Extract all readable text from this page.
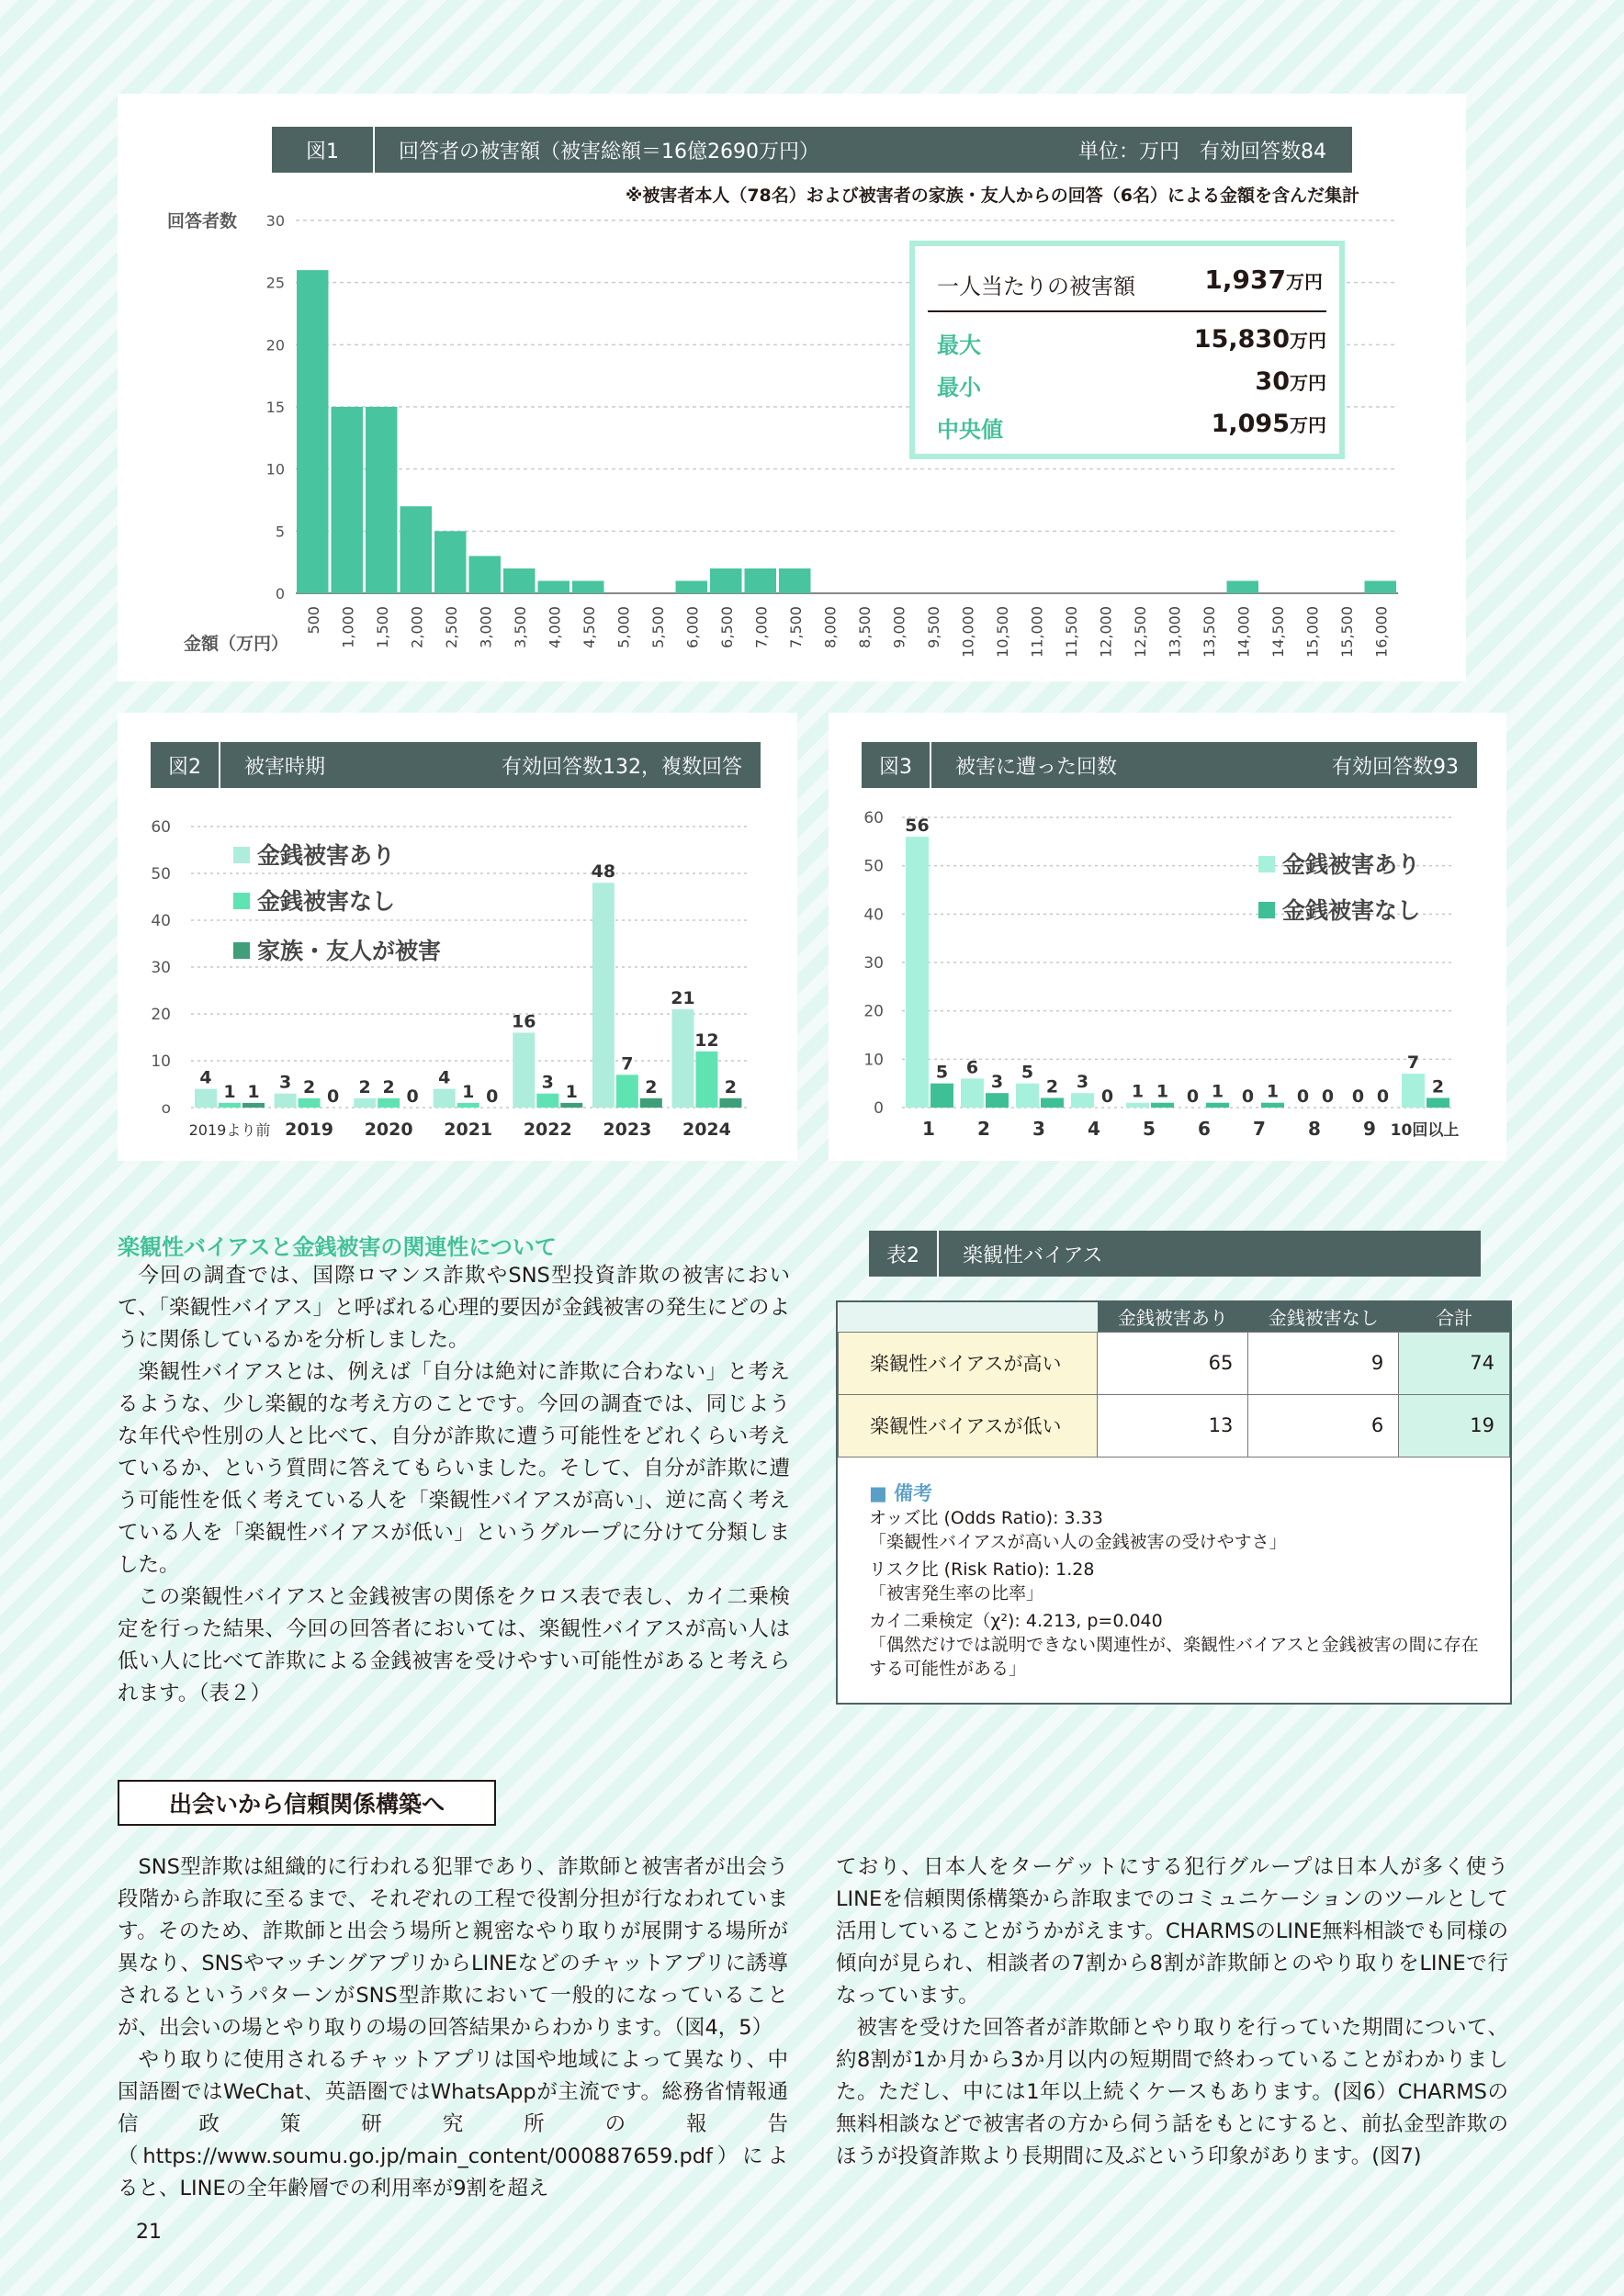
図1	回答者の被害額（被害総額＝16億2690万円）	単位：万円　有効回答数84
※被害者本人（78名）および被害者の家族・友人からの回答（6名）による金額を含んだ集計
回答者数
金額（万円）
0
5
10
15
20
25
30
500 1,000 1,500 2,000 2,500 3,000 3,500 4,000 4,500 5,000 5,500 6,000 6,500 7,000 7,500 8,000 8,500 9,000 9,500 10,000 10,500 11,000 11,500 12,000 12,500 13,000 13,500 14,000 14,500 15,000 15,500 16,000
一人当たりの被害額	1,937万円
最大	15,830万円
最小	30万円
中央値	1,095万円
図2	被害時期	有効回答数132，複数回答
o
10
20
30
40
50
60
4
1 1
2019より前
3 2 0
2019
2 2 0
2020
4
1 0
2021
16
3 1
2022
48
7
2
2023
21
12
2
2024
金銭被害あり
金銭被害なし
家族・友人が被害
図3	被害に遭った回数	有効回答数93
0
10
20
30
40
50
60 56
5
1
6
3
2
5
2
3
3
0
4
1 1
5
0 1
6
0 1
7
0 0
8
0 0
9
7
2
10回以上
金銭被害あり
金銭被害なし
楽観性バイアスと金銭被害の関連性について

今回の調査では、国際ロマンス詐欺やSNS型投資詐欺の被害において、「楽観性バイアス」と呼ばれる心理的要因が金銭被害の発生にどのように関係しているかを分析しました。

楽観性バイアスとは、例えば「自分は絶対に詐欺に合わない」と考えるような、少し楽観的な考え方のことです。今回の調査では、同じような年代や性別の人と比べて、自分が詐欺に遭う可能性をどれくらい考えているか、という質問に答えてもらいました。そして、自分が詐欺に遭う可能性を低く考えている人を「楽観性バイアスが高い」、逆に高く考えている人を「楽観性バイアスが低い」というグループに分けて分類しました。

この楽観性バイアスと金銭被害の関係をクロス表で表し、カイ二乗検定を行った結果、今回の回答者においては、楽観性バイアスが高い人は低い人に比べて詐欺による金銭被害を受けやすい可能性があると考えられます。（表２）

表2	楽観性バイアス
	金銭被害あり	金銭被害なし	合計
楽観性バイアスが高い	65	9	74
楽観性バイアスが低い	13	6	19
■ 備考
オッズ比 (Odds Ratio): 3.33
「楽観性バイアスが高い人の金銭被害の受けやすさ」
リスク比 (Risk Ratio): 1.28
「被害発生率の比率」
カイ二乗検定（χ²): 4.213, p=0.040
「偶然だけでは説明できない関連性が、楽観性バイアスと金銭被害の間に存在する可能性がある」
出会いから信頼関係構築へ

SNS型詐欺は組織的に行われる犯罪であり、詐欺師と被害者が出会う段階から詐取に至るまで、それぞれの工程で役割分担が行なわれています。そのため、詐欺師と出会う場所と親密なやり取りが展開する場所が異なり、SNSやマッチングアプリからLINEなどのチャットアプリに誘導されるというパターンがSNS型詐欺において一般的になっていることが、出会いの場とやり取りの場の回答結果からわかります。（図4，5）

やり取りに使用されるチャットアプリは国や地域によって異なり、中国語圏ではWeChat、英語圏ではWhatsAppが主流です。総務省情報通信政策研究所の報告（https://www.soumu.go.jp/main_content/000887659.pdf）によると、LINEの全年齢層での利用率が9割を超え

ており、日本人をターゲットにする犯行グループは日本人が多く使うLINEを信頼関係構築から詐取までのコミュニケーションのツールとして活用していることがうかがえます。CHARMSのLINE無料相談でも同様の傾向が見られ、相談者の7割から8割が詐欺師とのやり取りをLINEで行なっています。

被害を受けた回答者が詐欺師とやり取りを行っていた期間について、約8割が1か月から3か月以内の短期間で終わっていることがわかりました。ただし、中には1年以上続くケースもあります。(図6）CHARMSの無料相談などで被害者の方から伺う話をもとにすると、前払金型詐欺のほうが投資詐欺より長期間に及ぶという印象があります。(図7)

21
